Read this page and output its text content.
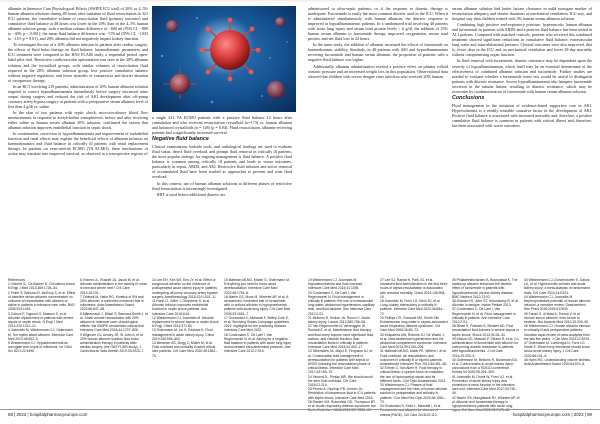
albumin in Intensive Care Physiological Effects (SWIPE ICU trial) of 20% or 4–5% human albumin solutions during 48 hours after initiation of fluid resuscitation in 321 ICU patients, the cumulative volume of resuscitation fluid (primary outcome) and cumulative fluid balance at 48 hours was lower in the 20% than in the 4–5% human albumin solution group, with a median volume difference of −600 ml (95% CI, −800 to −400; p < 0.001); the mean fluid balance difference was −576 ml (95% CI, −1033 to −119; p = 0.01), and 20% albumin did not negatively impact kidney function.

To investigate the use of a 20% albumin infusion in patients after cardiac surgery, the effects of fluid bolus therapy on fluid balance, haemodynamic parameters, and ICU treatment were compared in the HAS FLAIR study, a sequential period open-label pilot trial. Restrictive cardiovascular optimization was seen in the 20% albumin solution and the crystalloid groups, with similar volumes of resuscitation fluid required in the 20% albumin infusion group, less positive cumulative balance without negative regulation, and fewer episodes of vasopressor and shorter duration of vasopressor therapy.

In an RCT involving 219 patients, administration of 20% human albumin solution targeted to correct hypoalbuminaemia immediately before surgery increased urine output during surgery and reduced the risk of AKI development after off-pump coronary artery bypass surgery in patients with a preoperative serum albumin level of less than 4 g/dl vs. saline.

In the skin of two patients with septic shock, microcirculatory blood flow measurements in response to acetylcholine iontophoresis, before and after receiving either saline or human serum albumin 20% infusion, confirmed the notion that albumin infusion improves endothelial function in septic shock.

In combination, correction of hypoalbuminaemia and improvement of endothelial function and renal effects may explain the beneficial effects of albumin infusion on haemodynamics and fluid balance in critically ill patients with renal replacement therapy. In patients on veno-arterial ECMO (VA ECMO), these mechanisms of action may translate into improved survival, as observed in a retrospective registry of

a single 321 VA ECMO patients with a positive fluid balance 12 hours after cannulation and who received resuscitation crystalloid (n=173) vs. human albumin and balanced crystalloids (n = 148) (p = 0.04). Fluid resuscitation, albumin-receiving patients had a significantly increased survival.

Negative fluid balance

Clinical examination, bedside tools, and radiological findings are used to evaluate fluid status, detect fluid overload, and prompt fluid removal in critically ill patients, the most popular strategy for ongoing management is fluid balance. A positive fluid balance is common among critically ill patients and leads to worse outcomes, particularly in sepsis, ARDS, and AKI. Restrictive fluid infusion and active removal of accumulated fluid have been studied as approaches to prevent and treat fluid overload.

In this context, use of human albumin solutions at different phases of restrictive fluid resuscitation is increasingly investigated.

RRT is used before additional diuretic are

References
1 Vincent JL, De Backer D. Circulatory shock. N Engl J Med 2013;369:1726–34.
2 Finfer S, Bellomo R, McEvoy S, et al. Effect of baseline serum albumin concentration on outcome of resuscitation with albumin or saline in patients in intensive care units. BMJ 2006;333:1044.
3 Caironi P, Tognoni G, Masson S, et al. Albumin replacement in patients with severe sepsis or septic shock. N Engl J Med 2014;370:1412–21.
4 Joannidis M, Wiedermann CJ, Ostermann M. Ten myths about albumin. Intensive Care Med 2022;48:602–5.
5 Wiedermann CJ. Hypoalbuminemia as surrogate and culprit of infections. Int J Mol Sci 2021;22:4496.
6 Vincent JL, Russell JA, Jacob M, et al. Albumin administration in the acutely ill: what is new and where next? Crit Care 2014;18:231.
7 Zdolsek M, Hahn RG. Kinetics of 5% and 20% albumin: a controlled crossover trial in volunteers. Acta Anaesthesiol Scand 2022;66:847–58.
8 Mårtensson J, Bihari S, Bannard-Smith J, et al. Small volume resuscitation with 20% albumin in intensive care: physiological effects: the SWIPE randomised clinical trial. Intensive Care Med 2018;44:1797–806.
9 Wigmore GJ, Anstey JR, St John A, et al. 20% human albumin solution fluid bolus administration therapy in patients after cardiac surgery (the HAS FLAIR study). J Cardiothorac Vasc Anesth 2019;33:2920–7.
10 Lee EH, Kim WJ, Kim JY, et al. Effect of exogenous albumin on the incidence of postoperative acute kidney injury in patients undergoing off-pump coronary artery bypass surgery. Anesthesiology 2016;124:1001–11.
11 Hariri G, Joffre J, Deryckere S, et al. Albumin infusion improves endothelial function in septic shock patients. Ann Intensive Care 2018;8:44.
12 Wiedermann CJ, Joannidis M. Albumin replacement in severe sepsis or septic shock. N Engl J Med 2014;371:83.
13 Ostermann M, Liu K, Kashani K. Fluid management in acute kidney injury. Chest 2019;156:594–603.
14 Messmer AS, Zingg C, Müller M, et al. Fluid overload and mortality in adult critical care patients. Crit Care Med 2020;48:1862–70.
15 Malbrain MLNG, Martin G, Ostermann M. Everything you need to know about deresuscitation. Intensive Care Med 2022;48:1781–6.
16 Martin GS, Moss M, Wheeler AP, et al. A randomized, controlled trial of furosemide with or without albumin in hypoproteinemic patients with acute lung injury. Crit Care Med 2005;33:1681–7.
17 Oczkowski S, Alshamsi F, Belley-Cote E, et al. Surviving Sepsis Campaign guidelines 2021: highlights for the practicing clinician. Intensive Care Med 2022.
18 Cordemans C, De Laet I, Van Regenmortel N, et al. Aiming for a negative fluid balance in patients with acute lung injury and increased intra-abdominal pressure. Ann Intensive Care 2012;2:S15.
88 | 2023 | hospitalpharmacyeurope.com

administered to ultra-septic patients, or if the response to diuretic therapy is inadequate. Furosemide is easily the most common diuretic used in the ICU. When it is administered simultaneously with human albumin, the diuretic response is improved in hypoalbuminaemic patients. In a randomized trial involving 40 patients with acute lung injury and serum total protein levels < 6 g/dl, the addition of 25% human serum albumin to furosemide therapy improved oxygenation, serum total protein, and net fluid loss in 24 hours.

In the same study, the addition of albumin increased the effects of furosemide on haemodynamic stability. Similarly, in 40 patients with AKI and hypoalbuminaemia receiving furosemide and human serum albumin, the proportion of patients with a negative fluid balance was higher.

Additionally, albumin administration exerted a positive effect on plasma colloid osmotic pressure and an increased weight loss in this population. Observational data showed that children with severe dengue virus infection who received 20% human

serum albumin solution had better lactate clearance in mild surrogate marker of resuscitation adequacy and shorter durations of mechanical ventilation, ICU stay, and hospital stay than children treated with 5% human serum albumin solution.

Combining high positive end-expiratory pressure, hyperoncotic human albumin and furosemide in patients with ARDS and a positive fluid balance has been tested in ALI patients. Compared with matched controls, patients who received this combined treatment showed significant reductions in cumulative fluid balance, extravascular lung water and intra-abdominal pressure. Clinical outcomes were also improved, that is, fewer days in the ICU and on mechanical ventilation and lower 28-day mortality without compromising organ function.

In fluid removal with furosemide, diuretic resistance may be dependent upon the severity of hypoalbuminaemia, which itself may be an essential determinant of the effectiveness of combined albumin infusion and furosemide. Further studies are needed to evaluate whether a furosemide stress test would be useful to distinguish patients with diuretic resistance. Severe hypoalbuminaemia also hampers furosemide secretion in the tubular lumen, resulting in diuretic resistance, which may be overcome by coadministration of furosemide with human serum albumin solution.

Conclusions

Fluid management in the initiation of evidence-based supportive care in AKI. Hypervolaemia is a readily treatable causative factor in the development of AKI. Positive fluid balance is associated with increased mortality and, therefore, a positive cumulative fluid balance is common in patients with critical illness and, therefore, has been associated with worse outcomes.

19 Wiedermann CJ, Joannidis M. Hypoalbuminemia and fluid overload. Intensive Care Med 2015;41:1498.
20 Cordemans C, De Laet I, Van Regenmortel N. Fluid management in critically ill patients: the role of extravascular lung water, abdominal hypertension, capillary leak, and fluid balance. Ann Intensive Care 2012;2:S1.
21 Bellomo R, Kellum JA, Ronco C. Acute kidney injury. Lancet 2012;380:756–66.
22 Van Regenmortel N, Verbrugghe W, Roelant E, et al. Maintenance fluid therapy and fluid creep impose more significant fluid, sodium, and chloride burdens than resuscitation fluids in critically ill patients. Intensive Care Med 2018;44:409–17.
23 Silversides JA, Major E, Ferguson AJ, et al. Conservative fluid management or deresuscitation for patients with sepsis or ARDS following the resuscitation phase of critical illness. Intensive Care Med 2017;43:155–70.
24 Vincent JL, Pinsky MR. We should avoid the term fluid overload. Crit Care 2018;22:214.
25 Perner A, Hjortrup PB, Jensen JU. Restriction of intravenous fluid in ICU patients with septic shock. Intensive Care Med 2018.
26 Ranieri VM, Rubenfeld GD, Thompson BT, et al. Acute respiratory distress syndrome: the Berlin Definition. JAMA 2012;307:2526–33.
27 Lee SJ, Ramar K, Park JG, et al. Increased fluid administration in the first three hours of sepsis resuscitation is associated with reduced mortality. Chest 2014;146:908–15.
28 Joannidis M, Forni LG, Klein SJ, et al. Lung–kidney interactions in critically ill patients. Intensive Care Med 2020;46:654–72.
29 Phillips CR, Chesnutt MS, Smith SM. Extravascular lung water in sepsis-associated acute respiratory distress syndrome. Crit Care Med 2008;36:69–73.
30 Kirkpatrick AW, Roberts DJ, De Waele J, et al. Intra-abdominal hypertension and the abdominal compartment syndrome. Intensive Care Med 2013;39:1190–206.
31 Malbrain MLNG, Marik PE, Witters I, et al. Fluid overload, de-resuscitation, and outcomes in critically ill or injured patients. Anaesthesiol Intensive Ther 2014;46:361–80.
32 Ertmer C, Van Aken H. Fluid therapy in critical illness: a special focus on indication, the use of hydroxyethyl starch and its different kinds. Curr Opin Anaesthesiol 2014.
33 Wiedermann CJ. Phases of fluid management and the roles of human albumin solution in perioperative and critically ill patients. Curr Med Res Opin 2020;36:1961–73.
34 Oczkowski S, Klotz L, Mazzetti I, et al. Furosemide and albumin for diuresis of edema (FADE). Crit Care 2018;22:110.
35 Phakdeekitcharoen B, Boonyawat K. The added-up albumin enhances the diuretic effect of furosemide in patients with hypoalbuminemic chronic kidney disease. BMC Nephrol 2012;13:92.
36 Dharan KS, John GT, Antonisamy B, et al. Albumin in dengue. Indian Pediatr 2013.
37 Cordemans C, De Laet I, Van Regenmortel N, et al. Fluid management in critically ill patients. Ann Intensive Care 2012;2:S1.
38 Bihari S, Prakash S, Bersten AD. Post resuscitation fluid boluses in severe sepsis or septic shock. Shock 2013;40:28–34.
39 Kitsios GD, Mascari P, Ettunsi R, et al. Co-administration of furosemide with albumin for overcoming diuretic resistance in patients with hypoalbuminemia. J Crit Care 2014;29:253–9.
40 Ostermann M, Bellomo R, Burdmann EA, et al. Controversies in acute kidney injury: conclusions from a KDIGO conference. Kidney Int 2020;98:294–309.
41 Joannidis M, Druml W, Forni LG, et al. Prevention of acute kidney injury and protection of renal function in the intensive care unit. Intensive Care Med 2017;43:730–49.
42 Martin GS, Mangialardi RJ, Wheeler AP, et al. Albumin and furosemide therapy in hypoproteinemic patients with acute lung injury. Crit Care Med 2002;30:2175–82.
43 Wiedermann CJ, Dunzendorfer S, Gaioni LU, et al. Hyperoncotic colloids and acute kidney injury: a meta-analysis of randomized trials. Crit Care 2010;14:R191.
44 Wiedermann CJ, Joannidis M. Nephroprotective potential of human albumin infusion: a narrative review. Gastroenterol Res Pract 2015;2015:912839.
45 Fanali G, di Masi A, Trezza V, et al. Human serum albumin: from bench to bedside. Mol Aspects Med 2012;33:209–90.
46 Wiedermann CJ. Human albumin infusion in critically ill and perioperative patients: narrative rapid review of meta-analyses from the last five years. J Clin Med 2023;12:5919.
47 Ostermann M, Lumlertgul N, Forni LG, Hoste E. What every intensivist should know about acute kidney injury. J Crit Care 2020;58:101–5.
48 Hahn RG. Understanding volume kinetics. Acta Anaesthesiol Scand 2020;64:570–8.
hospitalpharmacyeurope.com | 2023 | 89
